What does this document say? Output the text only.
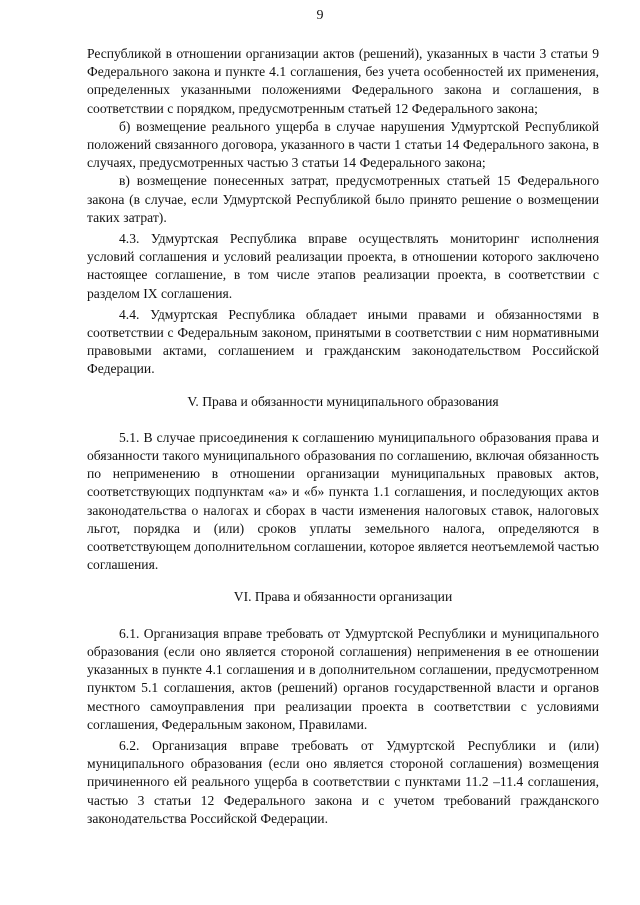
9

Республикой в отношении организации актов (решений), указанных в части 3 статьи 9 Федерального закона и пункте 4.1 соглашения, без учета особенностей их применения, определенных указанными положениями Федерального закона и соглашения, в соответствии с порядком, предусмотренным статьей 12 Федерального закона;

б) возмещение реального ущерба в случае нарушения Удмуртской Республикой положений связанного договора, указанного в части 1 статьи 14 Федерального закона, в случаях, предусмотренных частью 3 статьи 14 Федерального закона;

в) возмещение понесенных затрат, предусмотренных статьей 15 Федерального закона (в случае, если Удмуртской Республикой было принято решение о возмещении таких затрат).

4.3. Удмуртская Республика вправе осуществлять мониторинг исполнения условий соглашения и условий реализации проекта, в отношении которого заключено настоящее соглашение, в том числе этапов реализации проекта, в соответствии с разделом IX соглашения.

4.4. Удмуртская Республика обладает иными правами и обязанностями в соответствии с Федеральным законом, принятыми в соответствии с ним нормативными правовыми актами, соглашением и гражданским законодательством Российской Федерации.

V. Права и обязанности муниципального образования

5.1. В случае присоединения к соглашению муниципального образования права и обязанности такого муниципального образования по соглашению, включая обязанность по неприменению в отношении организации муниципальных правовых актов, соответствующих подпунктам «а» и «б» пункта 1.1 соглашения, и последующих актов законодательства о налогах и сборах в части изменения налоговых ставок, налоговых льгот, порядка и (или) сроков уплаты земельного налога, определяются в соответствующем дополнительном соглашении, которое является неотъемлемой частью соглашения.

VI. Права и обязанности организации

6.1. Организация вправе требовать от Удмуртской Республики и муниципального образования (если оно является стороной соглашения) неприменения в ее отношении указанных в пункте 4.1 соглашения и в дополнительном соглашении, предусмотренном пунктом 5.1 соглашения, актов (решений) органов государственной власти и органов местного самоуправления при реализации проекта в соответствии с условиями соглашения, Федеральным законом, Правилами.

6.2. Организация вправе требовать от Удмуртской Республики и (или) муниципального образования (если оно является стороной соглашения) возмещения причиненного ей реального ущерба в соответствии с пунктами 11.2 –11.4 соглашения, частью 3 статьи 12 Федерального закона и с учетом требований гражданского законодательства Российской Федерации.
